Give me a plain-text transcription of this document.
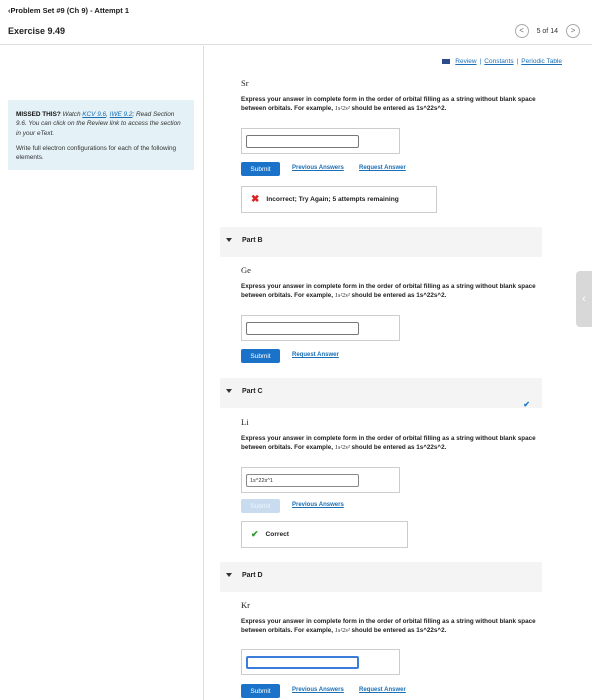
‹Problem Set #9 (Ch 9) - Attempt 1
Exercise 9.49	< 5 of 14 >
MISSED THIS? Watch KCV 9.6, IWE 9.2; Read Section 9.6. You can click on the Review link to access the section in your eText.
Write full electron configurations for each of the following elements.
Review | Constants | Periodic Table
Sr
Express your answer in complete form in the order of orbital filling as a string without blank space between orbitals. For example, 1s²2s² should be entered as 1s^22s^2.
Submit	Previous Answers	Request Answer
✖ Incorrect; Try Again; 5 attempts remaining
Part B
Ge
Express your answer in complete form in the order of orbital filling as a string without blank space between orbitals. For example, 1s²2s² should be entered as 1s^22s^2.
Submit	Request Answer
Part C
✔
Li
Express your answer in complete form in the order of orbital filling as a string without blank space between orbitals. For example, 1s²2s² should be entered as 1s^22s^2.
1s^22s^1
Submit	Previous Answers
✔ Correct
Part D
Kr
Express your answer in complete form in the order of orbital filling as a string without blank space between orbitals. For example, 1s²2s² should be entered as 1s^22s^2.
Submit	Previous Answers	Request Answer
‹
